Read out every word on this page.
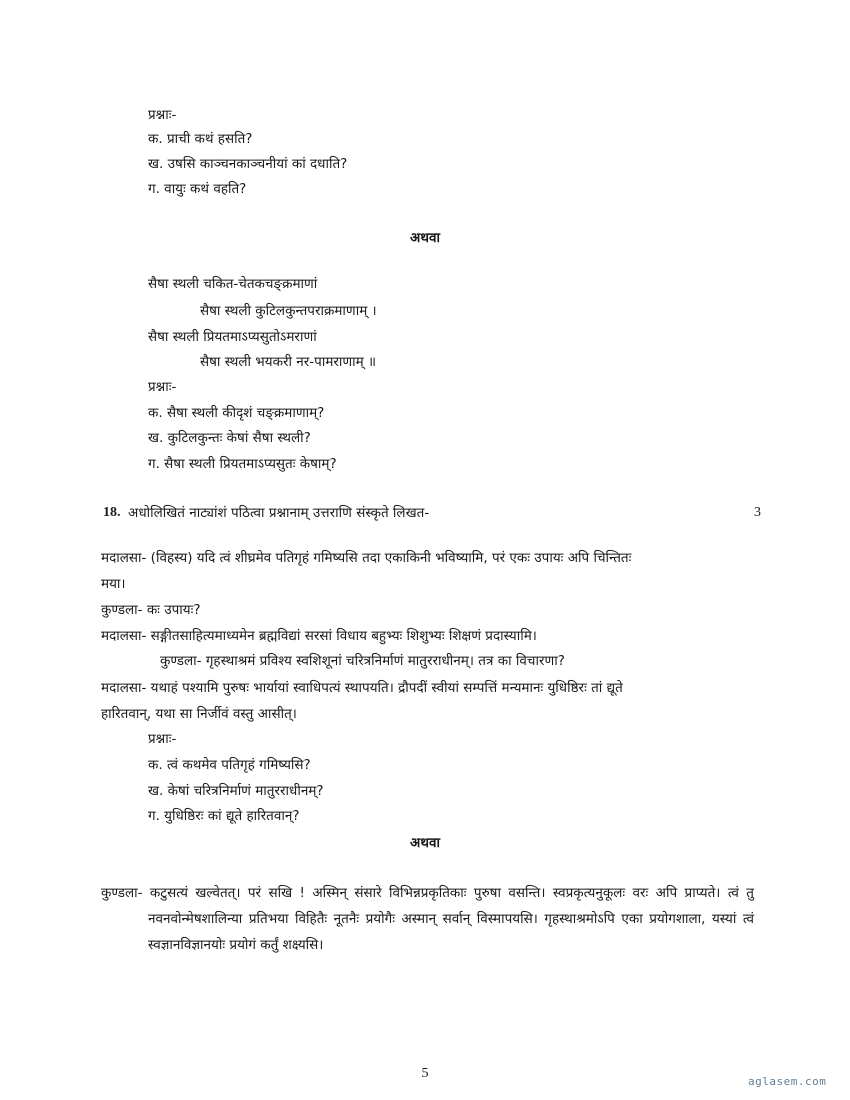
प्रश्नाः-
क. प्राची कथं हसति?
ख. उषसि काञ्चनकाञ्चनीयां कां दधाति?
ग. वायुः कथं वहति?
अथवा
सैषा स्थली चकित-चेतकचङ्क्रमाणां
सैषा स्थली कुटिलकुन्तपराक्रमाणाम् ।
सैषा स्थली प्रियतमाऽप्यसुतोऽमराणां
सैषा स्थली भयकरी नर-पामराणाम् ॥
प्रश्नाः-
क. सैषा स्थली कीदृशं चङ्क्रमाणाम्?
ख. कुटिलकुन्तः केषां सैषा स्थली?
ग. सैषा स्थली प्रियतमाऽप्यसुतः केषाम्?
18. अधोलिखितं नाट्यांशं पठित्वा प्रश्नानाम् उत्तराणि संस्कृते लिखत-	3
मदालसा- (विहस्य) यदि त्वं शीघ्रमेव पतिगृहं गमिष्यसि तदा एकाकिनी भविष्यामि, परं एकः उपायः अपि चिन्तितः
मया।
कुण्डला- कः उपायः?
मदालसा- सङ्गीतसाहित्यमाध्यमेन ब्रह्मविद्यां सरसां विधाय बहुभ्यः शिशुभ्यः शिक्षणं प्रदास्यामि।
कुण्डला- गृहस्थाश्रमं प्रविश्य स्वशिशूनां चरित्रनिर्माणं मातुरराधीनम्। तत्र का विचारणा?
मदालसा- यथाहं पश्यामि पुरुषः भार्यायां स्वाधिपत्यं स्थापयति। द्रौपदीं स्वीयां सम्पत्तिं मन्यमानः युधिष्ठिरः तां द्यूते
हारितवान्, यथा सा निर्जीवं वस्तु आसीत्।
प्रश्नाः-
क. त्वं कथमेव पतिगृहं गमिष्यसि?
ख. केषां चरित्रनिर्माणं मातुरराधीनम्?
ग. युधिष्ठिरः कां द्यूते हारितवान्?
अथवा
कुण्डला- कटुसत्यं खल्वेतत्। परं सखि ! अस्मिन् संसारे विभिन्नप्रकृतिकाः पुरुषा वसन्ति। स्वप्रकृत्यनुकूलः वरः अपि प्राप्यते। त्वं तु नवनवोन्मेषशालिन्या प्रतिभया विहितैः नूतनैः प्रयोगैः अस्मान् सर्वान् विस्मापयसि। गृहस्थाश्रमोऽपि एका प्रयोगशाला, यस्यां त्वं स्वज्ञानविज्ञानयोः प्रयोगं कर्तुं शक्ष्यसि।
5
aglasem.com
